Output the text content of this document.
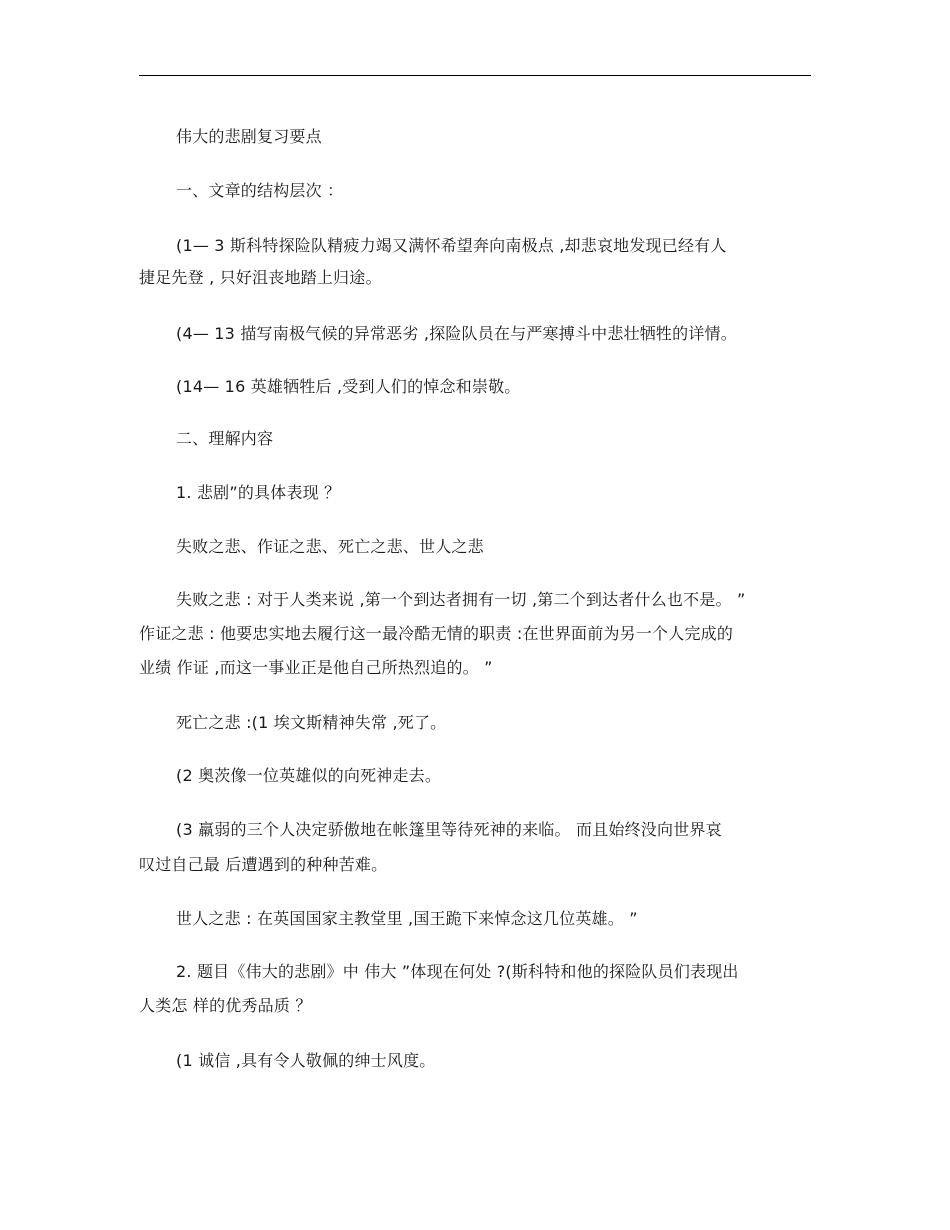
伟大的悲剧复习要点
一、文章的结构层次 ：
(1— 3 斯科特探险队精疲力竭又满怀希望奔向南极点 ,却悲哀地发现已经有人
捷足先登 , 只好沮丧地踏上归途。
(4— 13 描写南极气候的异常恶劣 ,探险队员在与严寒搏斗中悲壮牺牲的详情。
(14— 16 英雄牺牲后 ,受到人们的悼念和崇敬。
二、理解内容
1. 悲剧”的具体表现 ？
失败之悲、作证之悲、死亡之悲、世人之悲
失败之悲 : 对于人类来说 ,第一个到达者拥有一切 ,第二个到达者什么也不是。 ”
作证之悲 : 他要忠实地去履行这一最冷酷无情的职责 :在世界面前为另一个人完成的
业绩 作证 ,而这一事业正是他自己所热烈追的。 ”
死亡之悲 :(1 埃文斯精神失常 ,死了。
(2 奥茨像一位英雄似的向死神走去。
(3 羸弱的三个人决定骄傲地在帐篷里等待死神的来临。 而且始终没向世界哀
叹过自己最 后遭遇到的种种苦难。
世人之悲 : 在英国国家主教堂里 ,国王跪下来悼念这几位英雄。 ”
2. 题目《伟大的悲剧》中 伟大 ”体现在何处 ?(斯科特和他的探险队员们表现出
人类怎 样的优秀品质 ？
(1 诚信 ,具有令人敬佩的绅士风度。
